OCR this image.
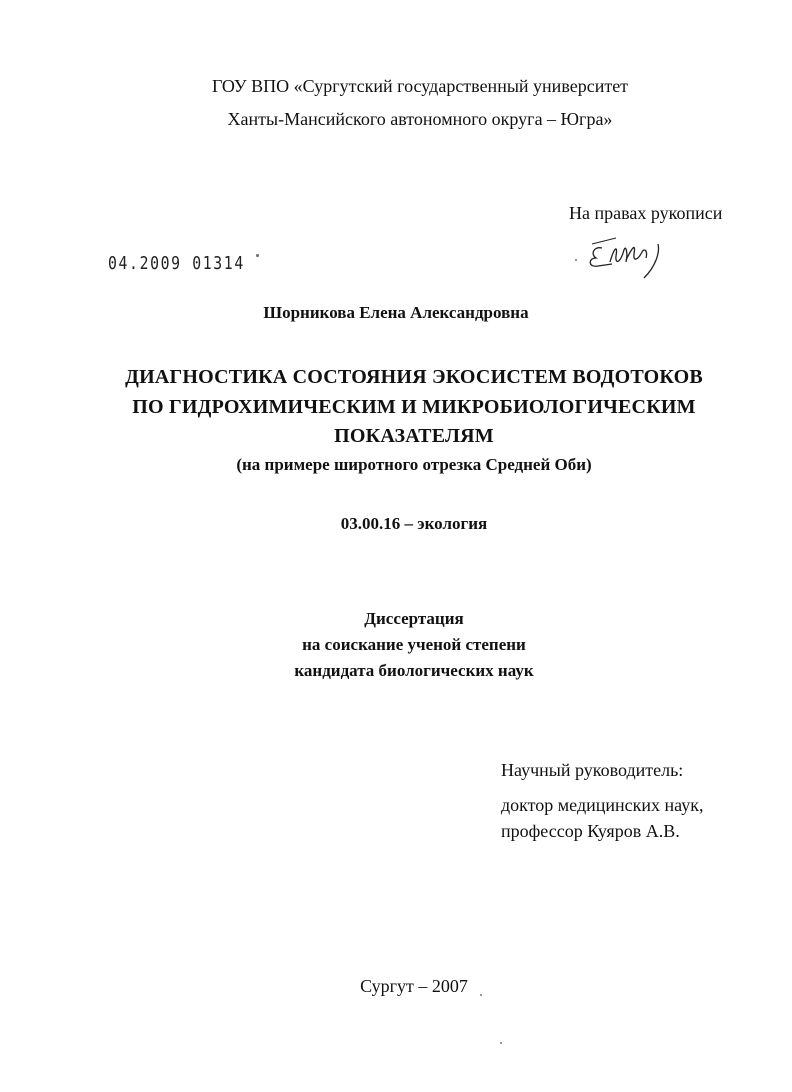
ГОУ ВПО «Сургутский государственный университет
Ханты-Мансийского автономного округа – Югра»
На правах рукописи
04.2009 01314
Шорникова Елена Александровна
ДИАГНОСТИКА СОСТОЯНИЯ ЭКОСИСТЕМ ВОДОТОКОВ
ПО ГИДРОХИМИЧЕСКИМ И МИКРОБИОЛОГИЧЕСКИМ
ПОКАЗАТЕЛЯМ
(на примере широтного отрезка Средней Оби)
03.00.16 – экология
Диссертация
на соискание ученой степени
кандидата биологических наук
Научный руководитель:
доктор медицинских наук,
профессор Куяров А.В.
Сургут – 2007
